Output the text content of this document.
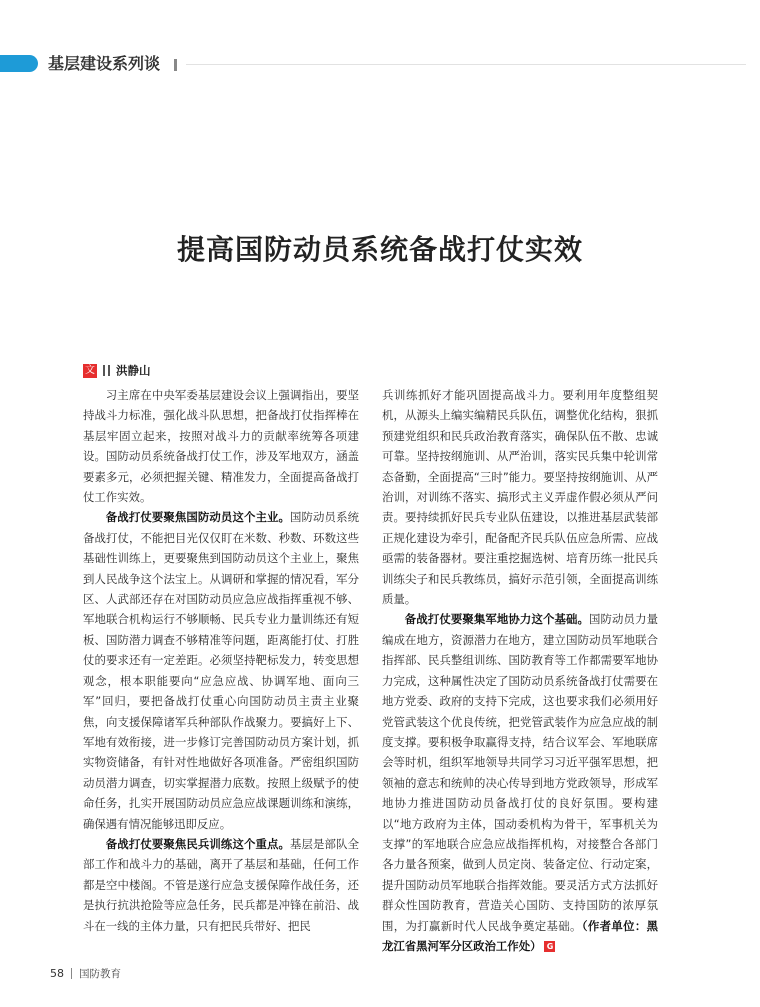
基层建设系列谈
提高国防动员系统备战打仗实效
文 洪静山

习主席在中央军委基层建设会议上强调指出，要坚持战斗力标准，强化战斗队思想，把备战打仗指挥棒在基层牢固立起来，按照对战斗力的贡献率统筹各项建设。国防动员系统备战打仗工作，涉及军地双方，涵盖要素多元，必须把握关键、精准发力，全面提高备战打仗工作实效。

备战打仗要聚焦国防动员这个主业。国防动员系统备战打仗，不能把目光仅仅盯在米数、秒数、环数这些基础性训练上，更要聚焦到国防动员这个主业上，聚焦到人民战争这个法宝上。从调研和掌握的情况看，军分区、人武部还存在对国防动员应急应战指挥重视不够、军地联合机构运行不够顺畅、民兵专业力量训练还有短板、国防潜力调查不够精准等问题，距离能打仗、打胜仗的要求还有一定差距。必须坚持靶标发力，转变思想观念，根本职能要向“应急应战、协调军地、面向三军”回归，要把备战打仗重心向国防动员主责主业聚焦，向支援保障诸军兵种部队作战聚力。要搞好上下、军地有效衔接，进一步修订完善国防动员方案计划，抓实物资储备，有针对性地做好各项准备。严密组织国防动员潜力调查，切实掌握潜力底数。按照上级赋予的使命任务，扎实开展国防动员应急应战课题训练和演练，确保遇有情况能够迅即反应。

备战打仗要聚焦民兵训练这个重点。基层是部队全部工作和战斗力的基础，离开了基层和基础，任何工作都是空中楼阁。不管是遂行应急支援保障作战任务，还是执行抗洪抢险等应急任务，民兵都是冲锋在前沿、战斗在一线的主体力量，只有把民兵带好、把民

兵训练抓好才能巩固提高战斗力。要利用年度整组契机，从源头上编实编精民兵队伍，调整优化结构，狠抓预建党组织和民兵政治教育落实，确保队伍不散、忠诚可靠。坚持按纲施训、从严治训，落实民兵集中轮训常态备勤，全面提高“三时”能力。要坚持按纲施训、从严治训，对训练不落实、搞形式主义弄虚作假必须从严问责。要持续抓好民兵专业队伍建设，以推进基层武装部正规化建设为牵引，配备配齐民兵队伍应急所需、应战亟需的装备器材。要注重挖掘选树、培育历练一批民兵训练尖子和民兵教练员，搞好示范引领，全面提高训练质量。

备战打仗要聚集军地协力这个基础。国防动员力量编成在地方，资源潜力在地方，建立国防动员军地联合指挥部、民兵整组训练、国防教育等工作都需要军地协力完成，这种属性决定了国防动员系统备战打仗需要在地方党委、政府的支持下完成，这也要求我们必须用好党管武装这个优良传统，把党管武装作为应急应战的制度支撑。要积极争取赢得支持，结合议军会、军地联席会等时机，组织军地领导共同学习习近平强军思想，把领袖的意志和统帅的决心传导到地方党政领导，形成军地协力推进国防动员备战打仗的良好氛围。要构建以“地方政府为主体，国动委机构为骨干，军事机关为支撑”的军地联合应急应战指挥机构，对接整合各部门各力量各预案，做到人员定岗、装备定位、行动定案，提升国防动员军地联合指挥效能。要灵活方式方法抓好群众性国防教育，营造关心国防、支持国防的浓厚氛围，为打赢新时代人民战争奠定基础。（作者单位：黑龙江省黑河军分区政治工作处） G

58 国防教育
